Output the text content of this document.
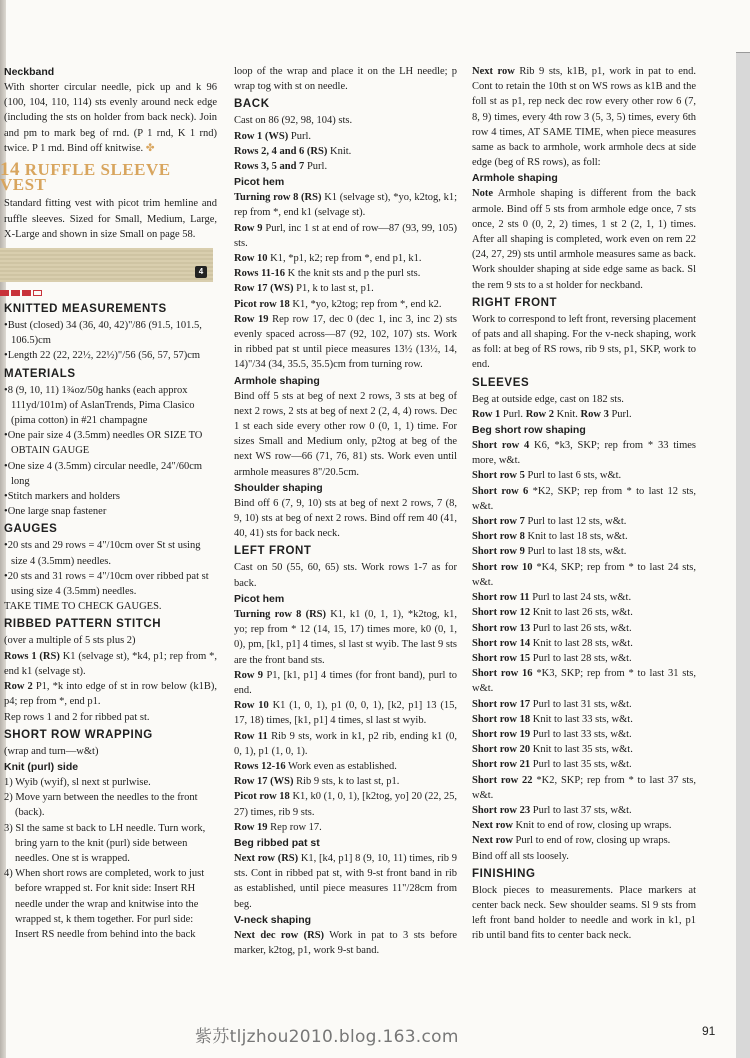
Neckband

With shorter circular needle, pick up and k 96 (100, 104, 110, 114) sts evenly around neck edge (including the sts on holder from back neck). Join and pm to mark beg of rnd. (P 1 rnd, K 1 rnd) twice. P 1 rnd. Bind off knitwise. ✤

14 RUFFLE SLEEVE VEST

Standard fitting vest with picot trim hemline and ruffle sleeves. Sized for Small, Medium, Large, X-Large and shown in size Small on page 58.

4
KNITTED MEASUREMENTS
•Bust (closed) 34 (36, 40, 42)"/86 (91.5, 101.5, 106.5)cm
•Length 22 (22, 22½, 22½)"/56 (56, 57, 57)cm
MATERIALS
•8 (9, 10, 11) 1¾oz/50g hanks (each approx 111yd/101m) of AslanTrends, Pima Clasico (pima cotton) in #21 champagne
•One pair size 4 (3.5mm) needles OR SIZE TO OBTAIN GAUGE
•One size 4 (3.5mm) circular needle, 24"/60cm long
•Stitch markers and holders
•One large snap fastener
GAUGES
•20 sts and 29 rows = 4"/10cm over St st using size 4 (3.5mm) needles.
•20 sts and 31 rows = 4"/10cm over ribbed pat st using size 4 (3.5mm) needles.

TAKE TIME TO CHECK GAUGES.

RIBBED PATTERN STITCH

(over a multiple of 5 sts plus 2)

Rows 1 (RS) K1 (selvage st), *k4, p1; rep from *, end k1 (selvage st).

Row 2 P1, *k into edge of st in row below (k1B), p4; rep from *, end p1.

Rep rows 1 and 2 for ribbed pat st.

SHORT ROW WRAPPING

(wrap and turn—w&t)

Knit (purl) side
1) Wyib (wyif), sl next st purlwise.
2) Move yarn between the needles to the front (back).
3) Sl the same st back to LH needle. Turn work, bring yarn to the knit (purl) side between needles. One st is wrapped.
4) When short rows are completed, work to just before wrapped st. For knit side: Insert RH needle under the wrap and knitwise into the wrapped st, k them together. For purl side: Insert RS needle from behind into the back

loop of the wrap and place it on the LH needle; p wrap tog with st on needle.

BACK

Cast on 86 (92, 98, 104) sts.

Row 1 (WS) Purl.

Rows 2, 4 and 6 (RS) Knit.

Rows 3, 5 and 7 Purl.

Picot hem

Turning row 8 (RS) K1 (selvage st), *yo, k2tog, k1; rep from *, end k1 (selvage st).

Row 9 Purl, inc 1 st at end of row—87 (93, 99, 105) sts.

Row 10 K1, *p1, k2; rep from *, end p1, k1.

Rows 11-16 K the knit sts and p the purl sts.

Row 17 (WS) P1, k to last st, p1.

Picot row 18 K1, *yo, k2tog; rep from *, end k2.

Row 19 Rep row 17, dec 0 (dec 1, inc 3, inc 2) sts evenly spaced across—87 (92, 102, 107) sts. Work in ribbed pat st until piece measures 13½ (13½, 14, 14)"/34 (34, 35.5, 35.5)cm from turning row.

Armhole shaping

Bind off 5 sts at beg of next 2 rows, 3 sts at beg of next 2 rows, 2 sts at beg of next 2 (2, 4, 4) rows. Dec 1 st each side every other row 0 (0, 1, 1) time. For sizes Small and Medium only, p2tog at beg of the next WS row—66 (71, 76, 81) sts. Work even until armhole measures 8"/20.5cm.

Shoulder shaping

Bind off 6 (7, 9, 10) sts at beg of next 2 rows, 7 (8, 9, 10) sts at beg of next 2 rows. Bind off rem 40 (41, 40, 41) sts for back neck.

LEFT FRONT

Cast on 50 (55, 60, 65) sts. Work rows 1-7 as for back.

Picot hem

Turning row 8 (RS) K1, k1 (0, 1, 1), *k2tog, k1, yo; rep from * 12 (14, 15, 17) times more, k0 (0, 1, 0), pm, [k1, p1] 4 times, sl last st wyib. The last 9 sts are the front band sts.

Row 9 P1, [k1, p1] 4 times (for front band), purl to end.

Row 10 K1 (1, 0, 1), p1 (0, 0, 1), [k2, p1] 13 (15, 17, 18) times, [k1, p1] 4 times, sl last st wyib.

Row 11 Rib 9 sts, work in k1, p2 rib, ending k1 (0, 0, 1), p1 (1, 0, 1).

Rows 12-16 Work even as established.

Row 17 (WS) Rib 9 sts, k to last st, p1.

Picot row 18 K1, k0 (1, 0, 1), [k2tog, yo] 20 (22, 25, 27) times, rib 9 sts.

Row 19 Rep row 17.

Beg ribbed pat st

Next row (RS) K1, [k4, p1] 8 (9, 10, 11) times, rib 9 sts. Cont in ribbed pat st, with 9-st front band in rib as established, until piece measures 11"/28cm from beg.

V-neck shaping

Next dec row (RS) Work in pat to 3 sts before marker, k2tog, p1, work 9-st band.

Next row Rib 9 sts, k1B, p1, work in pat to end. Cont to retain the 10th st on WS rows as k1B and the foll st as p1, rep neck dec row every other row 6 (7, 8, 9) times, every 4th row 3 (5, 3, 5) times, every 6th row 4 times, AT SAME TIME, when piece measures same as back to armhole, work armhole decs at side edge (beg of RS rows), as foll:

Armhole shaping

Note Armhole shaping is different from the back armole. Bind off 5 sts from armhole edge once, 7 sts once, 2 sts 0 (0, 2, 2) times, 1 st 2 (2, 1, 1) times. After all shaping is completed, work even on rem 22 (24, 27, 29) sts until armhole measures same as back. Work shoulder shaping at side edge same as back. Sl the rem 9 sts to a st holder for neckband.

RIGHT FRONT

Work to correspond to left front, reversing placement of pats and all shaping. For the v-neck shaping, work as foll: at beg of RS rows, rib 9 sts, p1, SKP, work to end.

SLEEVES

Beg at outside edge, cast on 182 sts.

Row 1 Purl. Row 2 Knit. Row 3 Purl.

Beg short row shaping

Short row 4 K6, *k3, SKP; rep from * 33 times more, w&t.

Short row 5 Purl to last 6 sts, w&t.

Short row 6 *K2, SKP; rep from * to last 12 sts, w&t.

Short row 7 Purl to last 12 sts, w&t.

Short row 8 Knit to last 18 sts, w&t.

Short row 9 Purl to last 18 sts, w&t.

Short row 10 *K4, SKP; rep from * to last 24 sts, w&t.

Short row 11 Purl to last 24 sts, w&t.

Short row 12 Knit to last 26 sts, w&t.

Short row 13 Purl to last 26 sts, w&t.

Short row 14 Knit to last 28 sts, w&t.

Short row 15 Purl to last 28 sts, w&t.

Short row 16 *K3, SKP; rep from * to last 31 sts, w&t.

Short row 17 Purl to last 31 sts, w&t.

Short row 18 Knit to last 33 sts, w&t.

Short row 19 Purl to last 33 sts, w&t.

Short row 20 Knit to last 35 sts, w&t.

Short row 21 Purl to last 35 sts, w&t.

Short row 22 *K2, SKP; rep from * to last 37 sts, w&t.

Short row 23 Purl to last 37 sts, w&t.

Next row Knit to end of row, closing up wraps.

Next row Purl to end of row, closing up wraps.

Bind off all sts loosely.

FINISHING

Block pieces to measurements. Place markers at center back neck. Sew shoulder seams. Sl 9 sts from left front band holder to needle and work in k1, p1 rib until band fits to center back neck.

紫苏tljzhou2010.blog.163.com	91
